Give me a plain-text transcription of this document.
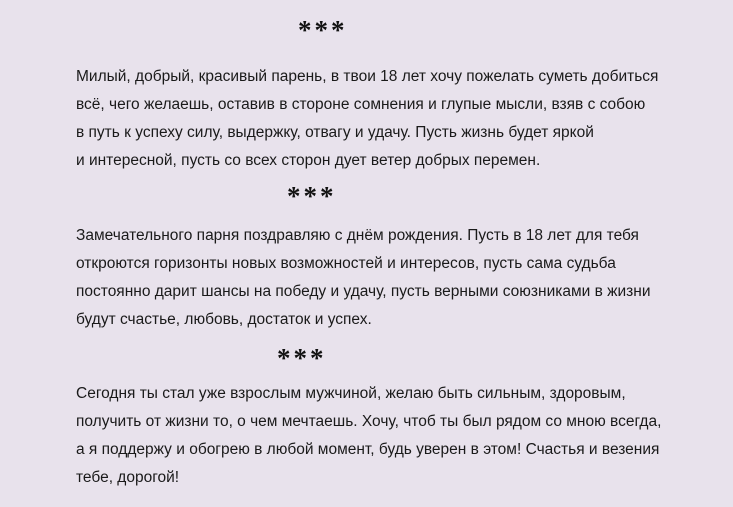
***
Милый, добрый, красивый парень, в твои 18 лет хочу пожелать суметь добиться
всё, чего желаешь, оставив в стороне сомнения и глупые мысли, взяв с собою
в путь к успеху силу, выдержку, отвагу и удачу. Пусть жизнь будет яркой
и интересной, пусть со всех сторон дует ветер добрых перемен.
***
Замечательного парня поздравляю с днём рождения. Пусть в 18 лет для тебя
откроются горизонты новых возможностей и интересов, пусть сама судьба
постоянно дарит шансы на победу и удачу, пусть верными союзниками в жизни
будут счастье, любовь, достаток и успех.
***
Сегодня ты стал уже взрослым мужчиной, желаю быть сильным, здоровым,
получить от жизни то, о чем мечтаешь. Хочу, чтоб ты был рядом со мною всегда,
а я поддержу и обогрею в любой момент, будь уверен в этом! Счастья и везения
тебе, дорогой!
